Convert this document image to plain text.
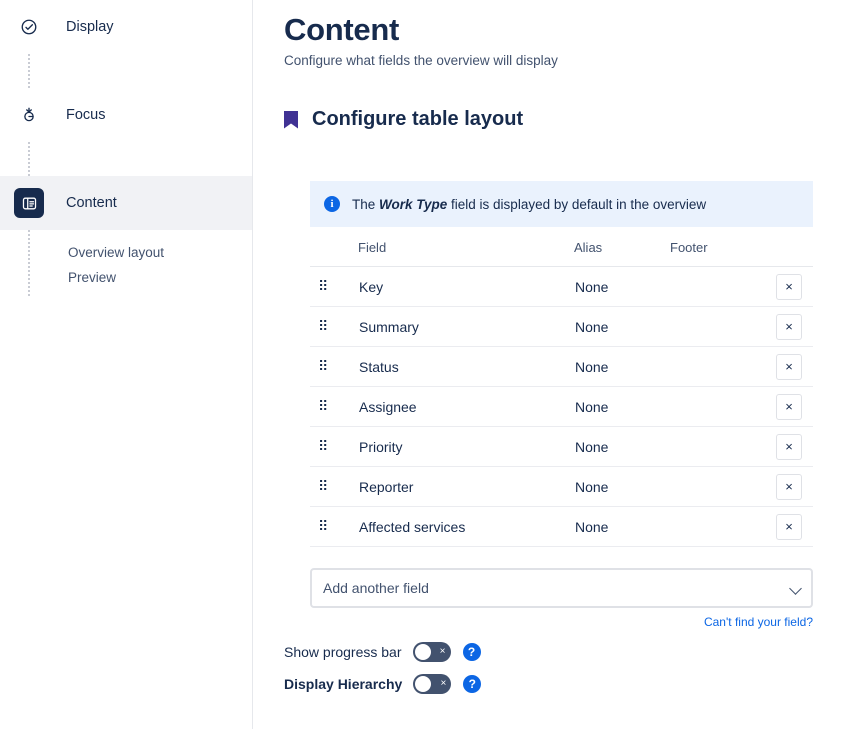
Display
Focus
Content
Overview layout
Preview
Content
Configure what fields the overview will display
Configure table layout
i	The Work Type field is displayed by default in the overview
	Field	Alias	Footer	
⠿	Key	None		×
⠿	Summary	None		×
⠿	Status	None		×
⠿	Assignee	None		×
⠿	Priority	None		×
⠿	Reporter	None		×
⠿	Affected services	None		×
Add another field
Can't find your field?
Show progress bar	×	?
Display Hierarchy	×	?
